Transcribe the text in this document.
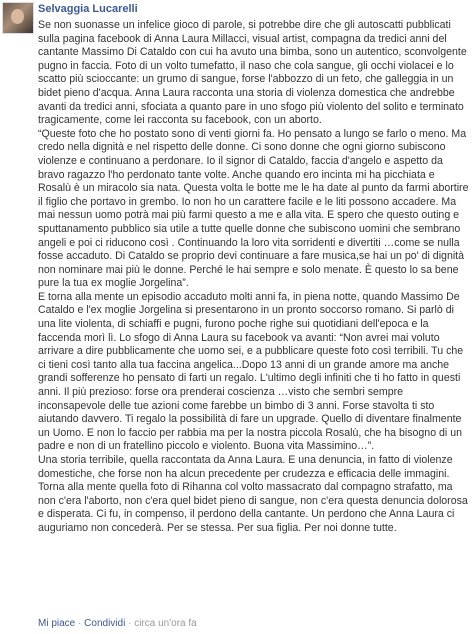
Selvaggia Lucarelli

Se non suonasse un infelice gioco di parole, si potrebbe dire che gli autoscatti pubblicati sulla pagina facebook di Anna Laura Millacci, visual artist, compagna da tredici anni del cantante Massimo Di Cataldo con cui ha avuto una bimba, sono un autentico, sconvolgente pugno in faccia. Foto di un volto tumefatto, il naso che cola sangue, gli occhi violacei e lo scatto più scioccante: un grumo di sangue, forse l'abbozzo di un feto, che galleggia in un bidet pieno d'acqua. Anna Laura racconta una storia di violenza domestica che andrebbe avanti da tredici anni, sfociata a quanto pare in uno sfogo più violento del solito e terminato tragicamente, come lei racconta su facebook, con un aborto.

“Queste foto che ho postato sono di venti giorni fa. Ho pensato a lungo se farlo o meno. Ma credo nella dignità e nel rispetto delle donne. Ci sono donne che ogni giorno subiscono violenze e continuano a perdonare. Io il signor di Cataldo, faccia d'angelo e aspetto da bravo ragazzo l'ho perdonato tante volte. Anche quando ero incinta mi ha picchiata e Rosalù è un miracolo sia nata. Questa volta le botte me le ha date al punto da farmi abortire il figlio che portavo in grembo. Io non ho un carattere facile e le liti possono accadere. Ma mai nessun uomo potrà mai più farmi questo a me e alla vita. E spero che questo outing e sputtanamento pubblico sia utile a tutte quelle donne che subiscono uomini che sembrano angeli e poi ci riducono così . Continuando la loro vita sorridenti e divertiti …come se nulla fosse accaduto. Di Cataldo se proprio devi continuare a fare musica,se hai un po' di dignità non nominare mai più le donne. Perché le hai sempre e solo menate. È questo lo sa bene pure la tua ex moglie Jorgelina”.

E torna alla mente un episodio accaduto molti anni fa, in piena notte, quando Massimo De Cataldo e l'ex moglie Jorgelina si presentarono in un pronto soccorso romano. Si parlò di una lite violenta, di schiaffi e pugni, furono poche righe sui quotidiani dell'epoca e la faccenda morì lì. Lo sfogo di Anna Laura su facebook va avanti: “Non avrei mai voluto arrivare a dire pubblicamente che uomo sei, e a pubblicare queste foto così terribili. Tu che ci tieni così tanto alla tua faccina angelica...Dopo 13 anni di un grande amore ma anche grandi sofferenze ho pensato di farti un regalo. L'ultimo degli infiniti che ti ho fatto in questi anni. Il più prezioso: forse ora prenderai coscienza …visto che sembri sempre inconsapevole delle tue azioni come farebbe un bimbo di 3 anni. Forse stavolta ti sto aiutando davvero. Ti regalo la possibilità di fare un upgrade. Quello di diventare finalmente un Uomo. E non lo faccio per rabbia ma per la nostra piccola Rosalù, che ha bisogno di un padre e non di un fratellino piccolo e violento. Buona vita Massimino…”.

Una storia terribile, quella raccontata da Anna Laura. E una denuncia, in fatto di violenze domestiche, che forse non ha alcun precedente per crudezza e efficacia delle immagini. Torna alla mente quella foto di Rihanna col volto massacrato dal compagno strafatto, ma non c'era l'aborto, non c'era quel bidet pieno di sangue, non c'era questa denuncia dolorosa e disperata. Ci fu, in compenso, il perdono della cantante. Un perdono che Anna Laura ci auguriamo non concederà. Per se stessa. Per sua figlia. Per noi donne tutte.

Mi piace · Condividi · circa un'ora fa
